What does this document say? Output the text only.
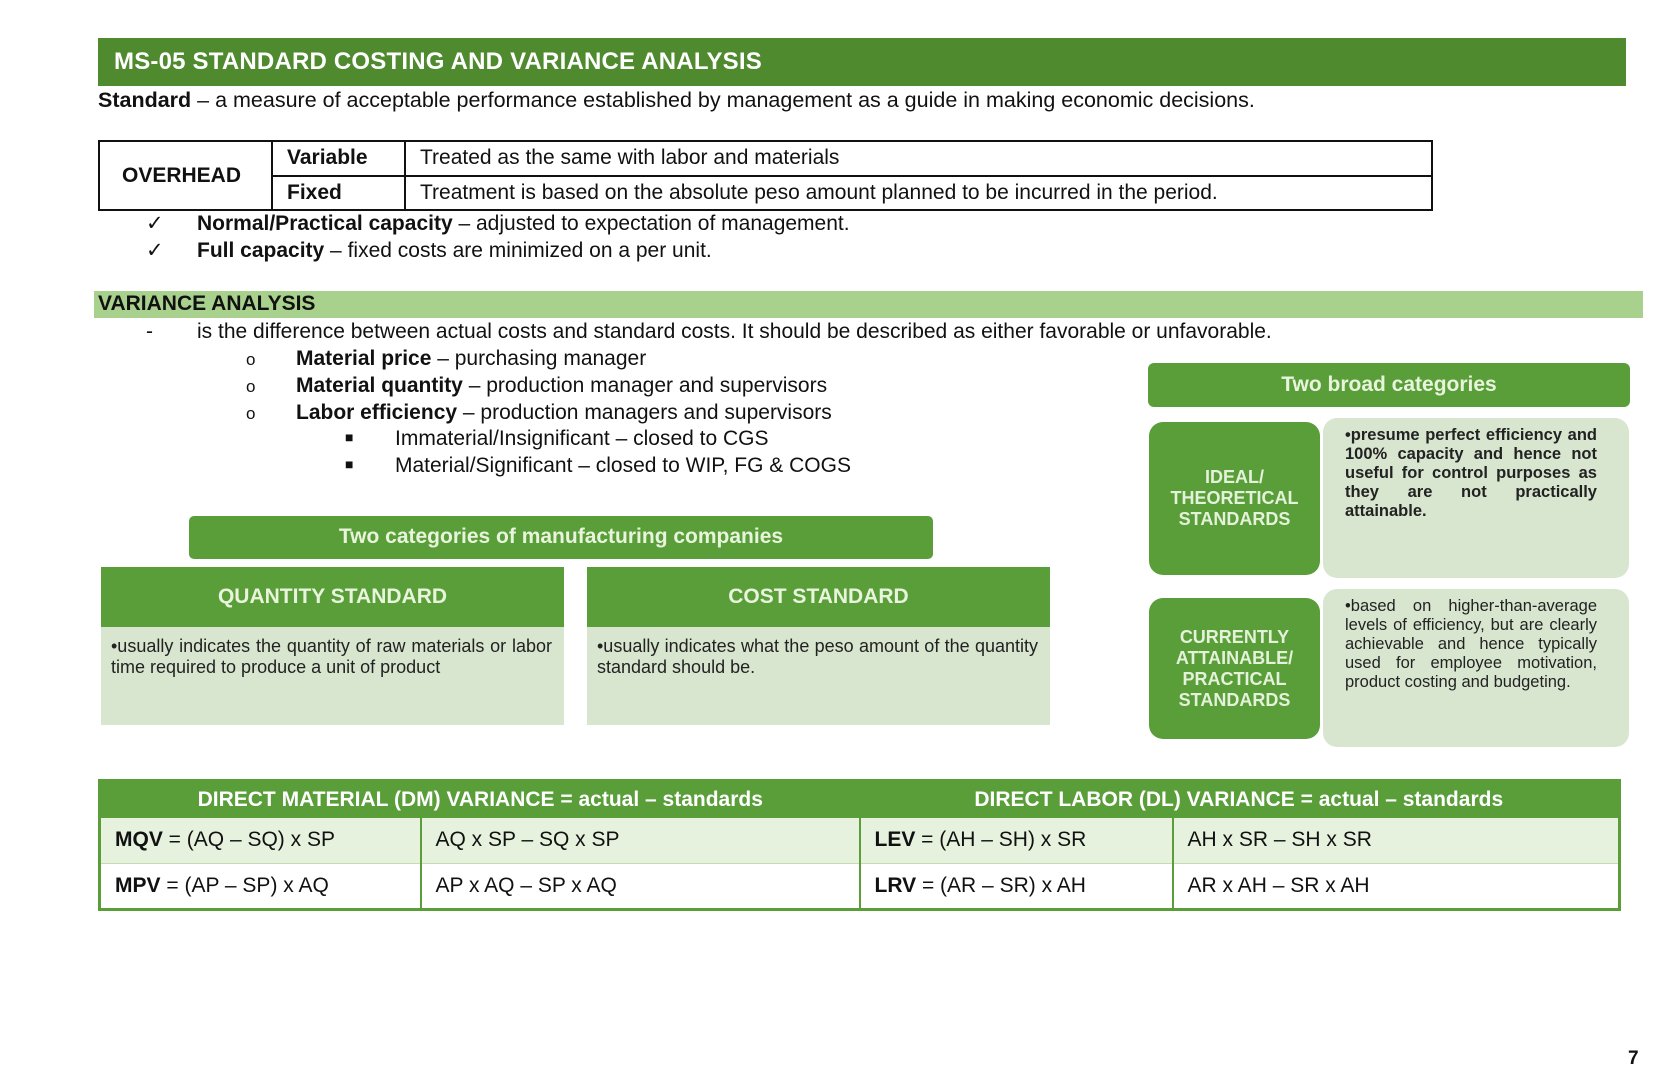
MS-05 STANDARD COSTING AND VARIANCE ANALYSIS
Standard – a measure of acceptable performance established by management as a guide in making economic decisions.
OVERHEAD	Variable	Treated as the same with labor and materials
	Fixed	Treatment is based on the absolute peso amount planned to be incurred in the period.
✓ Normal/Practical capacity – adjusted to expectation of management.
✓ Full capacity – fixed costs are minimized on a per unit.
VARIANCE ANALYSIS
- is the difference between actual costs and standard costs. It should be described as either favorable or unfavorable.
o Material price – purchasing manager
o Material quantity – production manager and supervisors
o Labor efficiency – production managers and supervisors
■ Immaterial/Insignificant – closed to CGS
■ Material/Significant – closed to WIP, FG & COGS
Two categories of manufacturing companies
QUANTITY STANDARD
•usually indicates the quantity of raw materials or labor time required to produce a unit of product
COST STANDARD
•usually indicates what the peso amount of the quantity standard should be.
Two broad categories
IDEAL/ THEORETICAL STANDARDS
•presume perfect efficiency and 100% capacity and hence not useful for control purposes as they are not practically attainable.
CURRENTLY ATTAINABLE/ PRACTICAL STANDARDS
•based on higher-than-average levels of efficiency, but are clearly achievable and hence typically used for employee motivation, product costing and budgeting.
DIRECT MATERIAL (DM) VARIANCE = actual – standards		DIRECT LABOR (DL) VARIANCE = actual – standards	
MQV = (AQ – SQ) x SP	AQ x SP – SQ x SP	LEV = (AH – SH) x SR	AH x SR – SH x SR
MPV = (AP – SP) x AQ	AP x AQ – SP x AQ	LRV = (AR – SR) x AH	AR x AH – SR x AH
7
